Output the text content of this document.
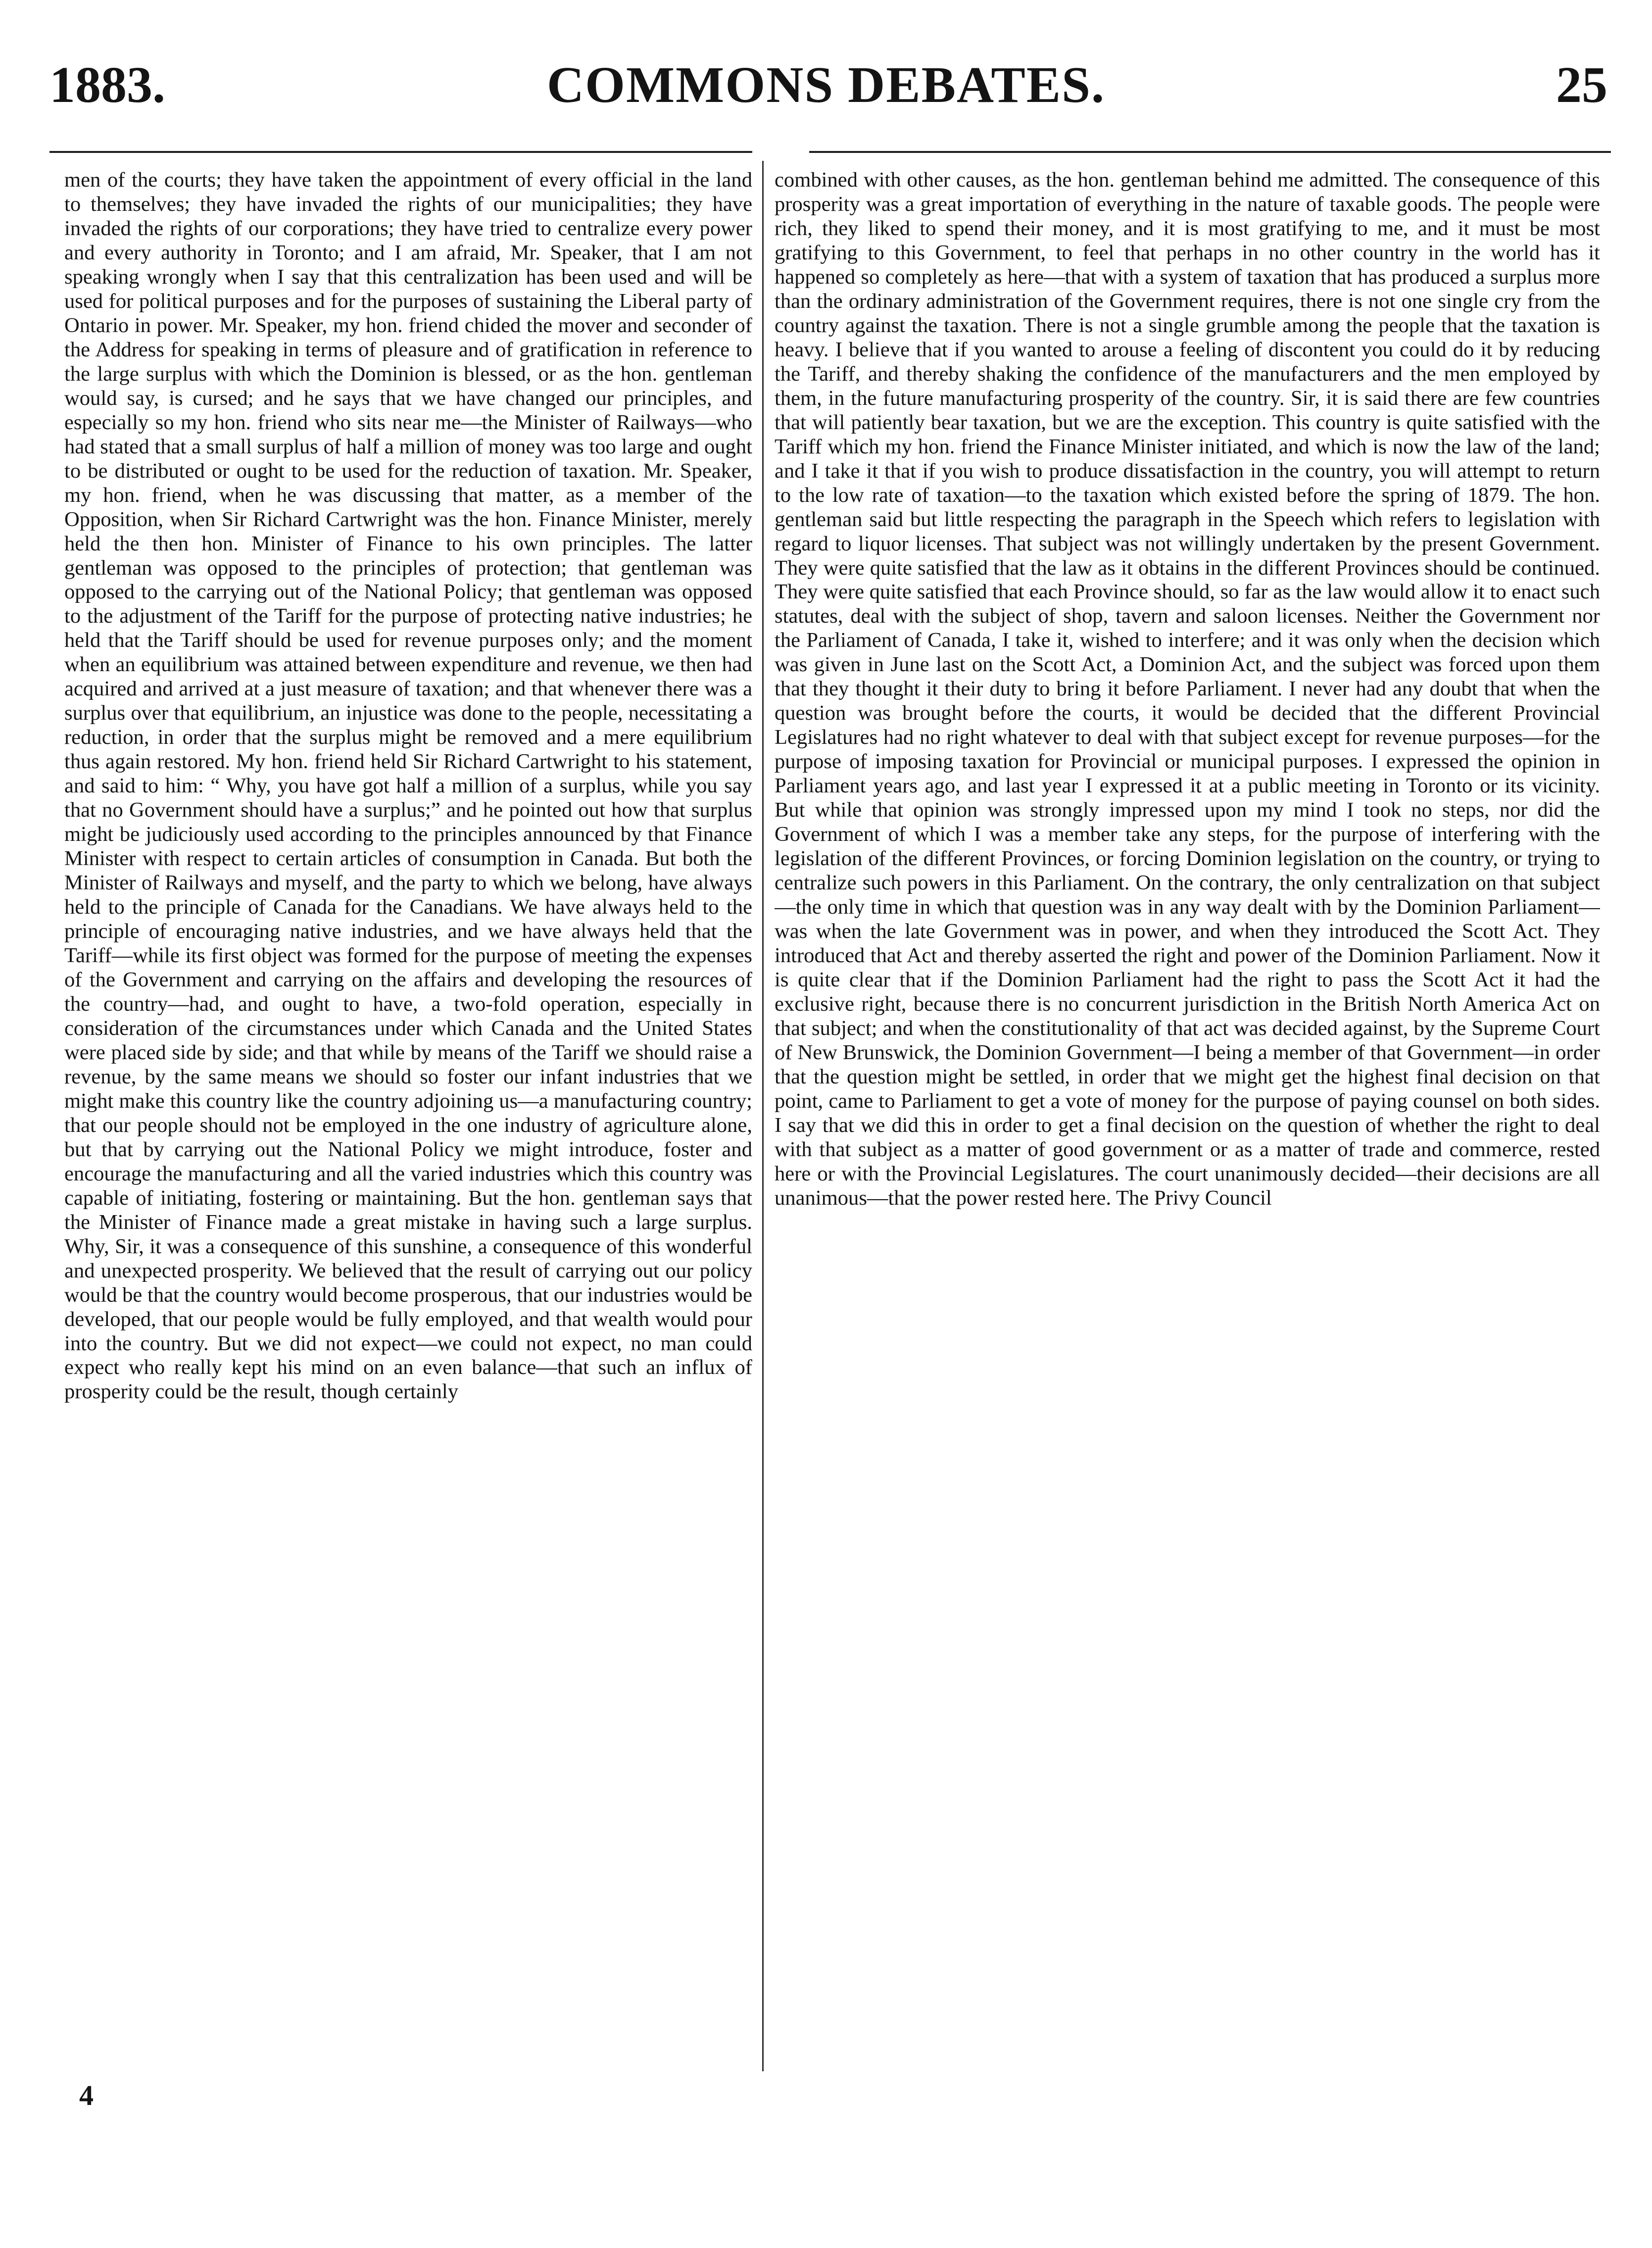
1883.	COMMONS DEBATES.	25

men of the courts; they have taken the appointment of every official in the land to themselves; they have invaded the rights of our municipalities; they have invaded the rights of our corporations; they have tried to centralize every power and every authority in Toronto; and I am afraid, Mr. Speaker, that I am not speaking wrongly when I say that this centralization has been used and will be used for political purposes and for the purposes of sustaining the Liberal party of Ontario in power. Mr. Speaker, my hon. friend chided the mover and seconder of the Address for speaking in terms of pleasure and of gratification in reference to the large surplus with which the Dominion is blessed, or as the hon. gentleman would say, is cursed; and he says that we have changed our principles, and especially so my hon. friend who sits near me—the Minister of Railways—who had stated that a small surplus of half a million of money was too large and ought to be distributed or ought to be used for the reduction of taxation. Mr. Speaker, my hon. friend, when he was discussing that matter, as a member of the Opposition, when Sir Richard Cartwright was the hon. Finance Minister, merely held the then hon. Minister of Finance to his own principles. The latter gentleman was opposed to the principles of protection; that gentleman was opposed to the carrying out of the National Policy; that gentleman was opposed to the adjustment of the Tariff for the purpose of protecting native industries; he held that the Tariff should be used for revenue purposes only; and the moment when an equilibrium was attained between expenditure and revenue, we then had acquired and arrived at a just measure of taxation; and that whenever there was a surplus over that equilibrium, an injustice was done to the people, necessitating a reduction, in order that the surplus might be removed and a mere equilibrium thus again restored. My hon. friend held Sir Richard Cartwright to his statement, and said to him: “ Why, you have got half a million of a surplus, while you say that no Government should have a surplus;” and he pointed out how that surplus might be judiciously used according to the principles announced by that Finance Minister with respect to certain articles of consumption in Canada. But both the Minister of Railways and myself, and the party to which we belong, have always held to the principle of Canada for the Canadians. We have always held to the principle of encouraging native industries, and we have always held that the Tariff—while its first object was formed for the purpose of meeting the expenses of the Government and carrying on the affairs and developing the resources of the country—had, and ought to have, a two-fold operation, especially in consideration of the circumstances under which Canada and the United States were placed side by side; and that while by means of the Tariff we should raise a revenue, by the same means we should so foster our infant industries that we might make this country like the country adjoining us—a manufacturing country; that our people should not be employed in the one industry of agriculture alone, but that by carrying out the National Policy we might introduce, foster and encourage the manufacturing and all the varied industries which this country was capable of initiating, fostering or maintaining. But the hon. gentleman says that the Minister of Finance made a great mistake in having such a large surplus. Why, Sir, it was a consequence of this sunshine, a consequence of this wonderful and unexpected prosperity. We believed that the result of carrying out our policy would be that the country would become prosperous, that our industries would be developed, that our people would be fully employed, and that wealth would pour into the country. But we did not expect—we could not expect, no man could expect who really kept his mind on an even balance—that such an influx of prosperity could be the result, though certainly

combined with other causes, as the hon. gentleman behind me admitted. The consequence of this prosperity was a great importation of everything in the nature of taxable goods. The people were rich, they liked to spend their money, and it is most gratifying to me, and it must be most gratifying to this Government, to feel that perhaps in no other country in the world has it happened so completely as here—that with a system of taxation that has produced a surplus more than the ordinary administration of the Government requires, there is not one single cry from the country against the taxation. There is not a single grumble among the people that the taxation is heavy. I believe that if you wanted to arouse a feeling of discontent you could do it by reducing the Tariff, and thereby shaking the confidence of the manufacturers and the men employed by them, in the future manufacturing prosperity of the country. Sir, it is said there are few countries that will patiently bear taxation, but we are the exception. This country is quite satisfied with the Tariff which my hon. friend the Finance Minister initiated, and which is now the law of the land; and I take it that if you wish to produce dissatisfaction in the country, you will attempt to return to the low rate of taxation—to the taxation which existed before the spring of 1879. The hon. gentleman said but little respecting the paragraph in the Speech which refers to legislation with regard to liquor licenses. That subject was not willingly undertaken by the present Government. They were quite satisfied that the law as it obtains in the different Provinces should be continued. They were quite satisfied that each Province should, so far as the law would allow it to enact such statutes, deal with the subject of shop, tavern and saloon licenses. Neither the Government nor the Parliament of Canada, I take it, wished to interfere; and it was only when the decision which was given in June last on the Scott Act, a Dominion Act, and the subject was forced upon them that they thought it their duty to bring it before Parliament. I never had any doubt that when the question was brought before the courts, it would be decided that the different Provincial Legislatures had no right whatever to deal with that subject except for revenue purposes—for the purpose of imposing taxation for Provincial or municipal purposes. I expressed the opinion in Parliament years ago, and last year I expressed it at a public meeting in Toronto or its vicinity. But while that opinion was strongly impressed upon my mind I took no steps, nor did the Government of which I was a member take any steps, for the purpose of interfering with the legislation of the different Provinces, or forcing Dominion legislation on the country, or trying to centralize such powers in this Parliament. On the contrary, the only centralization on that subject—the only time in which that question was in any way dealt with by the Dominion Parliament—was when the late Government was in power, and when they introduced the Scott Act. They introduced that Act and thereby asserted the right and power of the Dominion Parliament. Now it is quite clear that if the Dominion Parliament had the right to pass the Scott Act it had the exclusive right, because there is no concurrent jurisdiction in the British North America Act on that subject; and when the constitutionality of that act was decided against, by the Supreme Court of New Brunswick, the Dominion Government—I being a member of that Government—in order that the question might be settled, in order that we might get the highest final decision on that point, came to Parliament to get a vote of money for the purpose of paying counsel on both sides. I say that we did this in order to get a final decision on the question of whether the right to deal with that subject as a matter of good government or as a matter of trade and commerce, rested here or with the Provincial Legislatures. The court unanimously decided—their decisions are all unanimous—that the power rested here. The Privy Council

4
